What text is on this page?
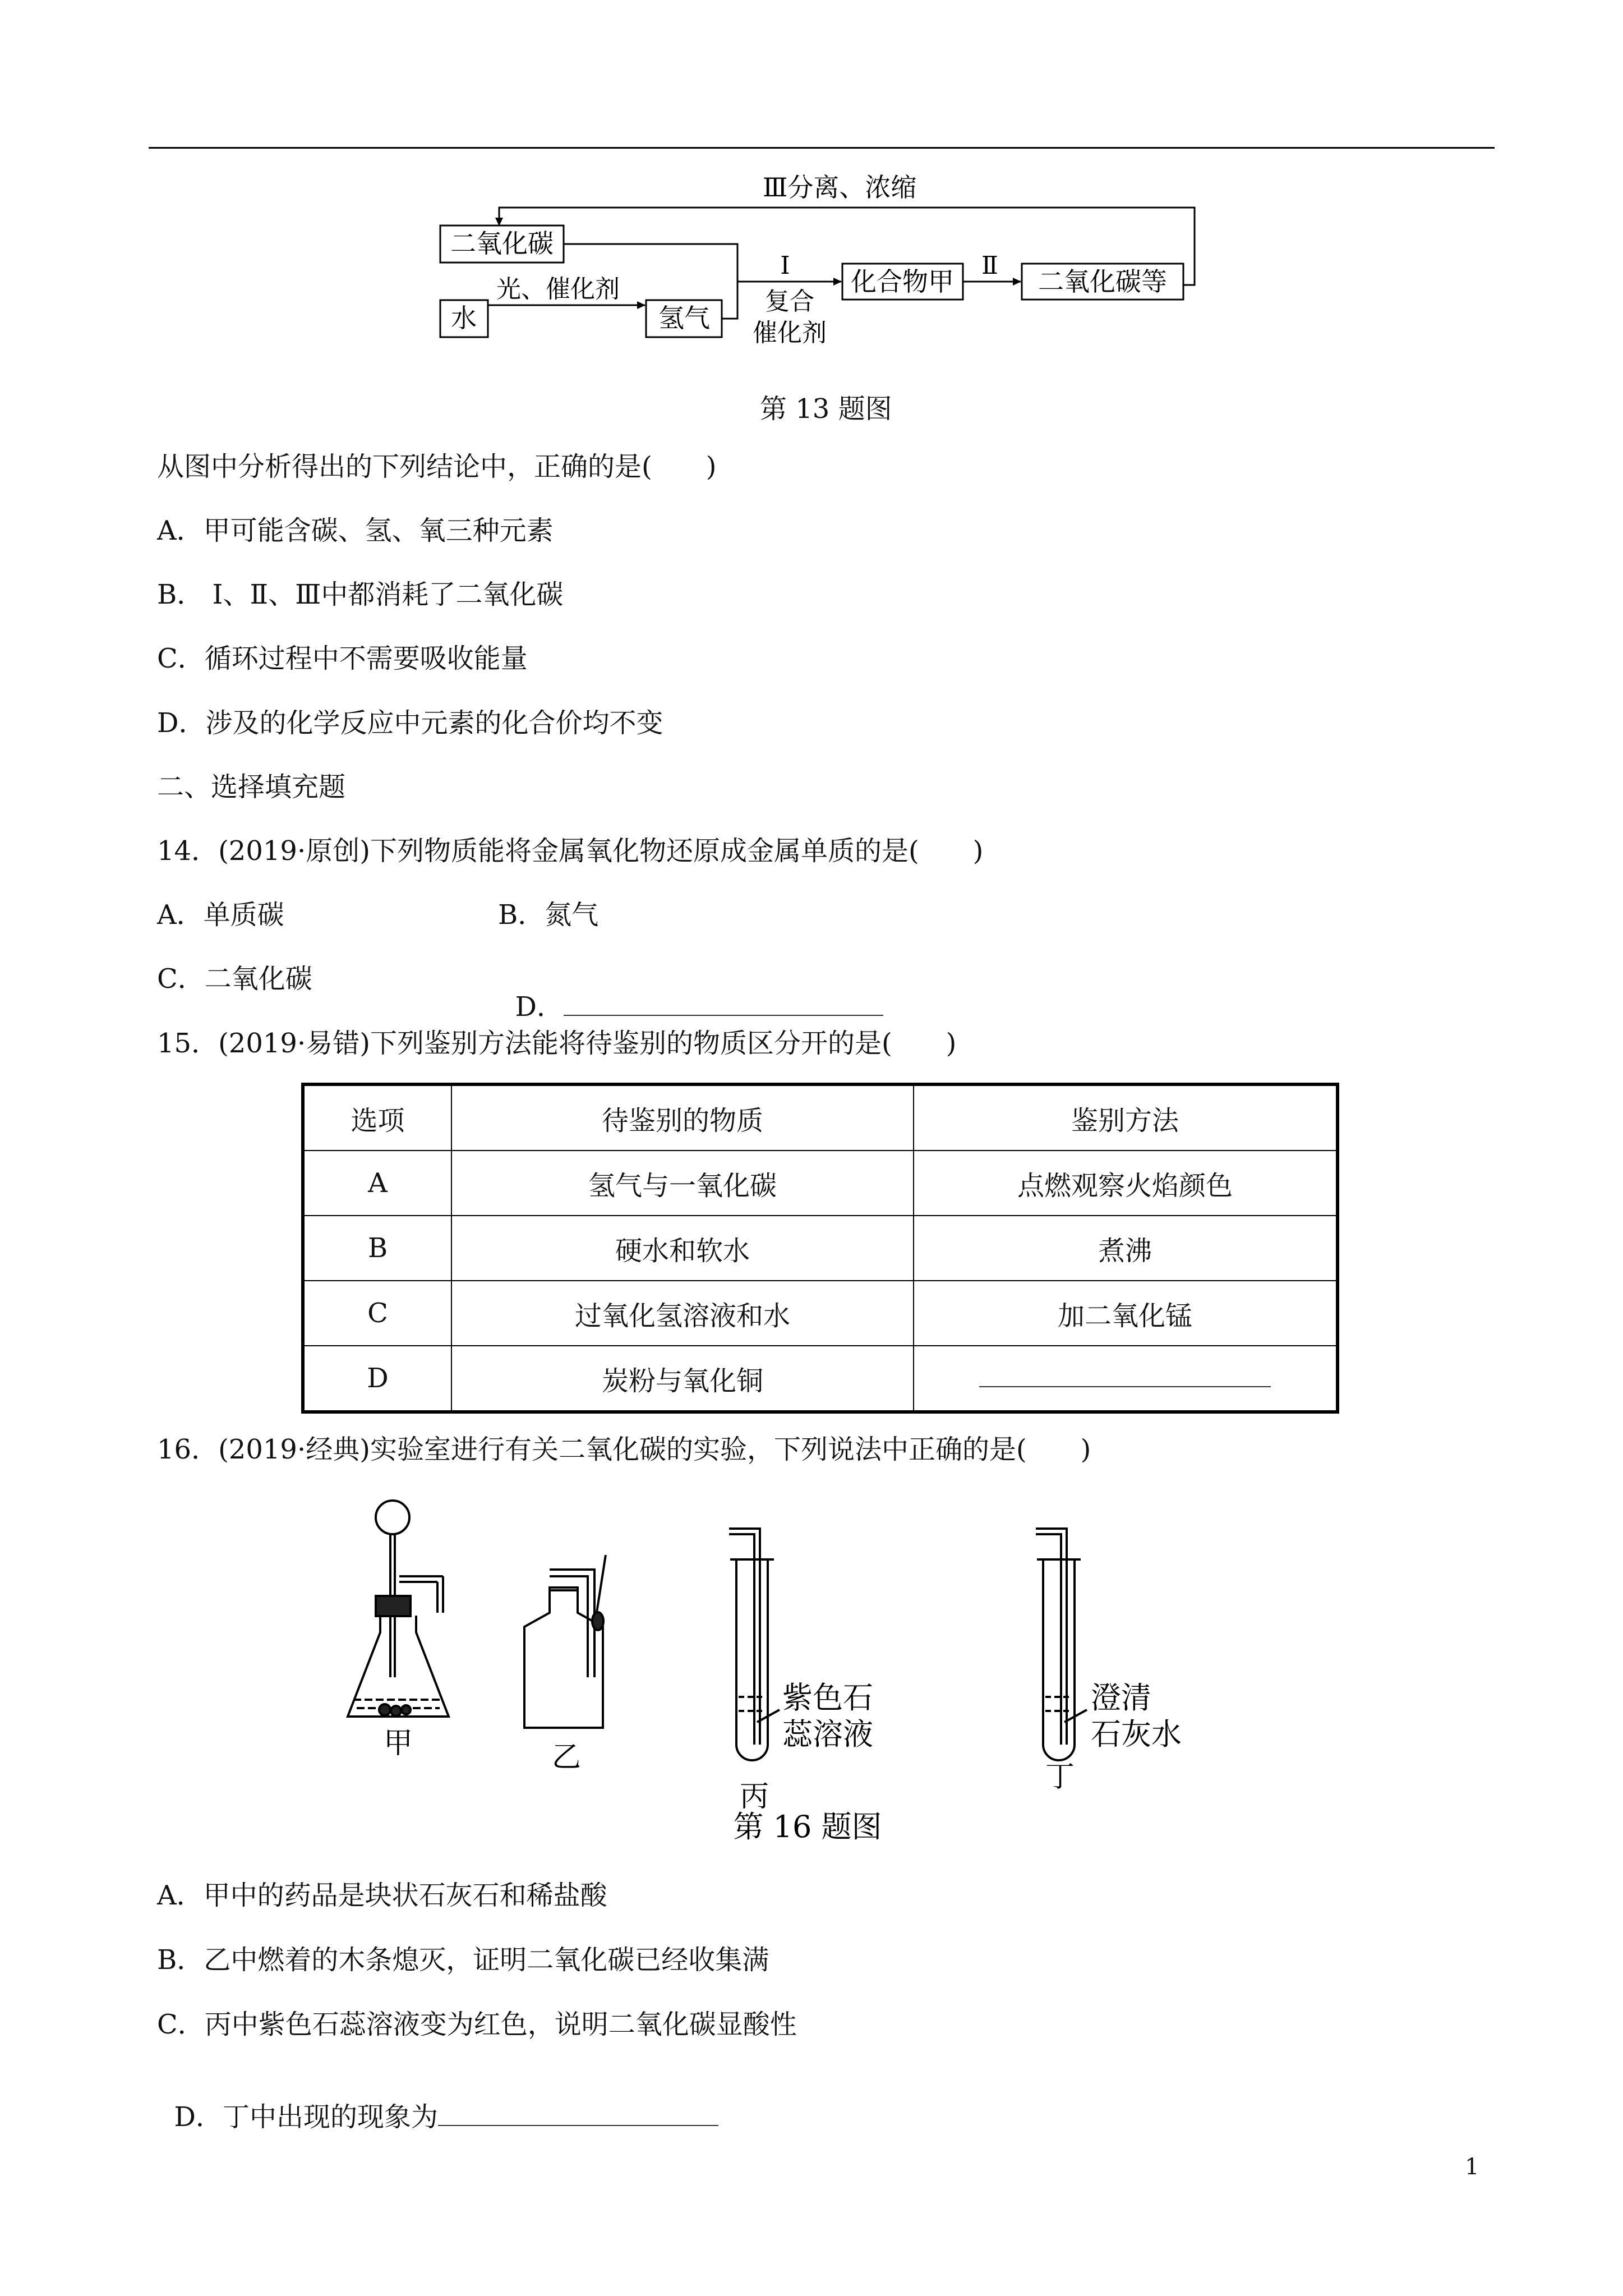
Ⅲ分离、浓缩
二氧化碳
水
光、催化剂
氢气
Ⅰ
复合
催化剂
化合物甲
Ⅱ
二氧化碳等
第 13 题图
从图中分析得出的下列结论中，正确的是(　　)
A．甲可能含碳、氢、氧三种元素
B． Ⅰ、Ⅱ、Ⅲ中都消耗了二氧化碳
C．循环过程中不需要吸收能量
D．涉及的化学反应中元素的化合价均不变
二、选择填充题
14．(2019·原创)下列物质能将金属氧化物还原成金属单质的是(　　)
A．单质碳	B．氮气
C．二氧化碳

D．

15．(2019·易错)下列鉴别方法能将待鉴别的物质区分开的是(　　)
选项	待鉴别的物质	鉴别方法
A	氢气与一氧化碳	点燃观察火焰颜色
B	硬水和软水	煮沸
C	过氧化氢溶液和水	加二氧化锰
D	炭粉与氧化铜	
16．(2019·经典)实验室进行有关二氧化碳的实验，下列说法中正确的是(　　)
甲	乙
紫色石
蕊溶液
丙
澄清
石灰水
丁
第 16 题图
A．甲中的药品是块状石灰石和稀盐酸
B．乙中燃着的木条熄灭，证明二氧化碳已经收集满
C．丙中紫色石蕊溶液变为红色，说明二氧化碳显酸性

D．丁中出现的现象为

1
